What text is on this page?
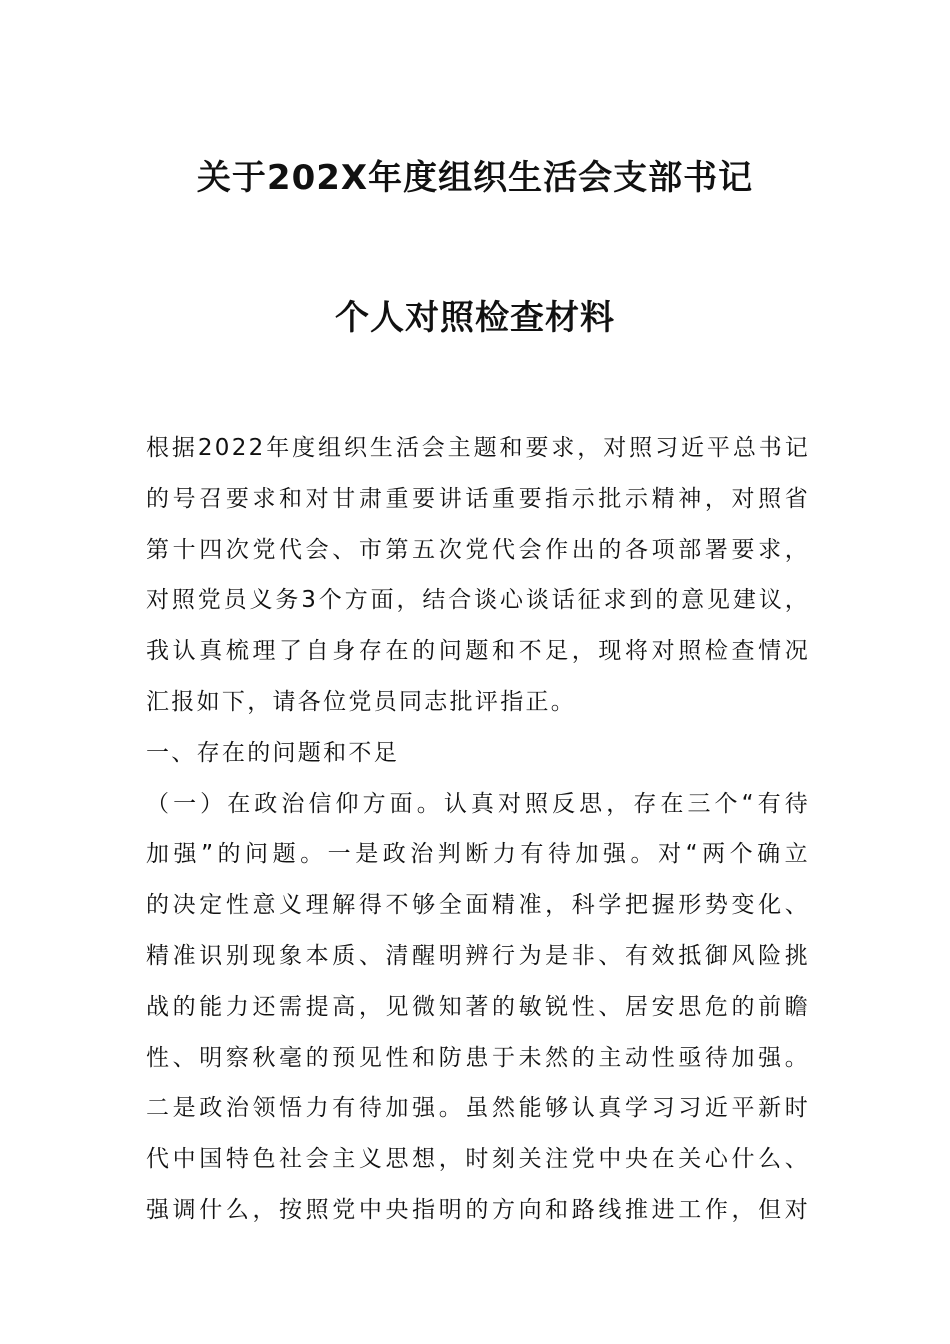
关于202X年度组织生活会支部书记
个人对照检查材料
根据2022年度组织生活会主题和要求，对照习近平总书记
的号召要求和对甘肃重要讲话重要指示批示精神，对照省
第十四次党代会、市第五次党代会作出的各项部署要求，
对照党员义务3个方面，结合谈心谈话征求到的意见建议，
我认真梳理了自身存在的问题和不足，现将对照检查情况
汇报如下，请各位党员同志批评指正。
一、存在的问题和不足
（一）在政治信仰方面。认真对照反思，存在三个“有待
加强”的问题。一是政治判断力有待加强。对“两个确立
的决定性意义理解得不够全面精准，科学把握形势变化、
精准识别现象本质、清醒明辨行为是非、有效抵御风险挑
战的能力还需提高，见微知著的敏锐性、居安思危的前瞻
性、明察秋毫的预见性和防患于未然的主动性亟待加强。
二是政治领悟力有待加强。虽然能够认真学习习近平新时
代中国特色社会主义思想，时刻关注党中央在关心什么、
强调什么，按照党中央指明的方向和路线推进工作，但对
